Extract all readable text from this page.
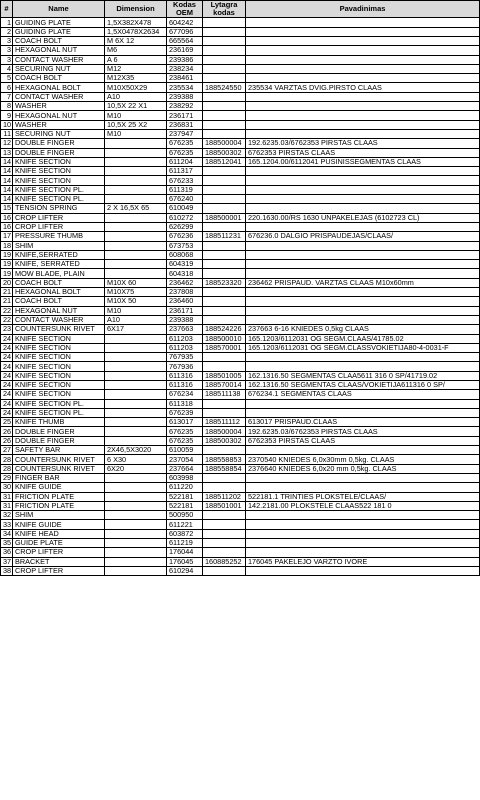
#	Name	Dimension	Kodas OEM	Lytagra kodas	Pavadinimas
1	GUIDING PLATE	1,5X382X478	604242		
2	GUIDING PLATE	1,5X0478X2634	677096		
3	COACH BOLT	M 6X 12	665564		
3	HEXAGONAL NUT	M6	236169		
3	CONTACT WASHER	A 6	239386		
4	SECURING NUT	M12	238234		
5	COACH BOLT	M12X35	238461		
6	HEXAGONAL BOLT	M10X50X29	235534	188524550	235534 VARZTAS DVIG.PIRSTO CLAAS
7	CONTACT WASHER	A10	239388		
8	WASHER	10,5X 22 X1	238292		
9	HEXAGONAL NUT	M10	236171		
10	WASHER	10,5X 25 X2	236831		
11	SECURING NUT	M10	237947		
12	DOUBLE FINGER		676235	188500004	192.6235.03/6762353 PIRSTAS CLAAS
13	DOUBLE FINGER		676235	188500302	6762353 PIRSTAS CLAAS
14	KNIFE SECTION		611204	188512041	165.1204.00/6112041 PUSINISSEGMENTAS CLAAS
14	KNIFE SECTION		611317		
14	KNIFE SECTION		676233		
14	KNIFE SECTION PL.		611319		
14	KNIFE SECTION PL.		676240		
15	TENSION SPRING	2 X 16,5X 65	610049		
16	CROP LIFTER		610272	188500001	220.1630.00/RS 1630 UNPAKELEJAS (6102723 CL)
16	CROP LIFTER		626299		
17	PRESSURE THUMB		676236	188511231	676236.0 DALGIO PRISPAUDEJAS/CLAAS/
18	SHIM		673753		
19	KNIFE,SERRATED		608068		
19	KNIFE, SERRATED		604319		
19	MOW BLADE, PLAIN		604318		
20	COACH BOLT	M10X 60	236462	188523320	236462 PRISPAUD. VARZTAS CLAAS M10x60mm
21	HEXAGONAL BOLT	M10X75	237808		
21	COACH BOLT	M10X 50	236460		
22	HEXAGONAL NUT	M10	236171		
22	CONTACT WASHER	A10	239388		
23	COUNTERSUNK RIVET	6X17	237663	188524226	237663 6-16 KNIEDES 0,5kg CLAAS
24	KNIFE SECTION		611203	188500010	165.1203/6112031 OG SEGM.CLAAS/41785.02
24	KNIFE SECTION		611203	188570001	165.1203/6112031 OG SEGM.CLASSVOKIETIJA80-4-0031-F
24	KNIFE SECTION		767935		
24	KNIFE SECTION		767936		
24	KNIFE SECTION		611316	188501005	162.1316.50 SEGMENTAS CLAA5611 316 0 SP/41719.02
24	KNIFE SECTION		611316	188570014	162.1316.50 SEGMENTAS CLAAS/VOKIETIJA611316 0 SP/
24	KNIFE SECTION		676234	188511138	676234.1 SEGMENTAS CLAAS
24	KNIFE SECTION PL.		611318		
24	KNIFE SECTION PL.		676239		
25	KNIFE THUMB		613017	188511112	613017 PRISPAUD.CLAAS
26	DOUBLE FINGER		676235	188500004	192.6235.03/6762353 PIRSTAS CLAAS
26	DOUBLE FINGER		676235	188500302	6762353 PIRSTAS CLAAS
27	SAFETY BAR	2X46,5X3020	610059		
28	COUNTERSUNK RIVET	6 X30	237054	188558853	2370540 KNIEDES 6,0x30mm 0,5kg. CLAAS
28	COUNTERSUNK RIVET	6X20	237664	188558854	2376640 KNIEDES 6,0x20 mm 0,5kg. CLAAS
29	FINGER BAR		603998		
30	KNIFE GUIDE		611220		
31	FRICTION PLATE		522181	188511202	522181.1 TRINTIES PLOKSTELE/CLAAS/
31	FRICTION PLATE		522181	188501001	142.2181.00 PLOKSTELE CLAAS522 181 0
32	SHIM		500950		
33	KNIFE GUIDE		611221		
34	KNIFE HEAD		603872		
35	GUIDE PLATE		611219		
36	CROP LIFTER		176044		
37	BRACKET		176045	160885252	176045 PAKELEJO VARZTO IVORE
38	CROP LIFTER		610294		
